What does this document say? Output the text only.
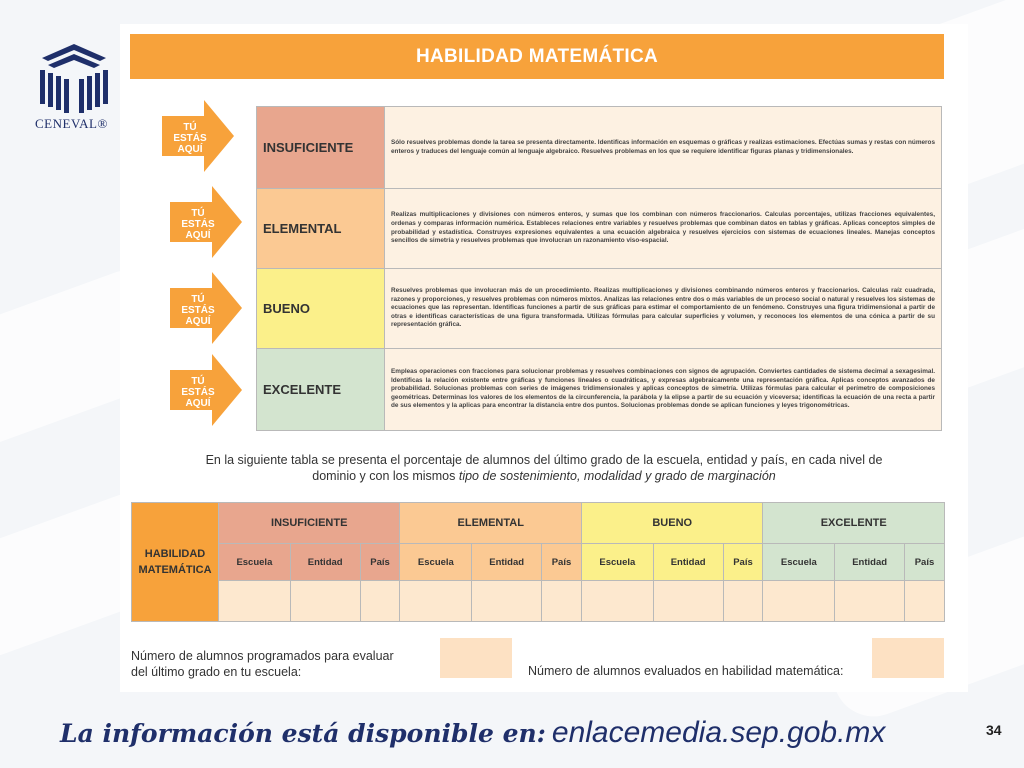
CENEVAL®
HABILIDAD MATEMÁTICA
TÚ ESTÁS
AQUÍ
TÚ ESTÁS
AQUÍ
TÚ ESTÁS
AQUÍ
TÚ ESTÁS
AQUÍ
INSUFICIENTE	Sólo resuelves problemas donde la tarea se presenta directamente. Identificas información en esquemas o gráficas y realizas estimaciones. Efectúas sumas y restas con números enteros y traduces del lenguaje común al lenguaje algebraico. Resuelves problemas en los que se requiere identificar figuras planas y tridimensionales.
ELEMENTAL	Realizas multiplicaciones y divisiones con números enteros, y sumas que los combinan con números fraccionarios. Calculas porcentajes, utilizas fracciones equivalentes, ordenas y comparas información numérica. Estableces relaciones entre variables y resuelves problemas que combinan datos en tablas y gráficas. Aplicas conceptos simples de probabilidad y estadística. Construyes expresiones equivalentes a una ecuación algebraica y resuelves ejercicios con sistemas de ecuaciones lineales. Manejas conceptos sencillos de simetría y resuelves problemas que involucran un razonamiento viso-espacial.
BUENO	Resuelves problemas que involucran más de un procedimiento. Realizas multiplicaciones y divisiones combinando números enteros y fraccionarios. Calculas raíz cuadrada, razones y proporciones, y resuelves problemas con números mixtos. Analizas las relaciones entre dos o más variables de un proceso social o natural y resuelves los sistemas de ecuaciones que las representan. Identificas funciones a partir de sus gráficas para estimar el comportamiento de un fenómeno. Construyes una figura tridimensional a partir de otras e identificas características de una figura transformada. Utilizas fórmulas para calcular superficies y volumen, y reconoces los elementos de una cónica a partir de su representación gráfica.
EXCELENTE	Empleas operaciones con fracciones para solucionar problemas y resuelves combinaciones con signos de agrupación. Conviertes cantidades de sistema decimal a sexagesimal. Identificas la relación existente entre gráficas y funciones lineales o cuadráticas, y expresas algebraicamente una representación gráfica. Aplicas conceptos avanzados de probabilidad. Solucionas problemas con series de imágenes tridimensionales y aplicas conceptos de simetría. Utilizas fórmulas para calcular el perímetro de composiciones geométricas. Determinas los valores de los elementos de la circunferencia, la parábola y la elipse a partir de su ecuación y viceversa; identificas la ecuación de una recta a partir de sus elementos y la aplicas para encontrar la distancia entre dos puntos. Solucionas problemas donde se aplican funciones y leyes trigonométricas.
En la siguiente tabla se presenta el porcentaje de alumnos del último grado de la escuela, entidad y país, en cada nivel de
dominio y con los mismos tipo de sostenimiento, modalidad y grado de marginación
HABILIDAD
MATEMÁTICA	INSUFICIENTE			ELEMENTAL			BUENO			EXCELENTE		
	Escuela	Entidad	País	Escuela	Entidad	País	Escuela	Entidad	País	Escuela	Entidad	País

Número de alumnos programados para evaluar
del último grado en tu escuela:	Número de alumnos evaluados en habilidad matemática:
La información está disponible en: enlacemedia.sep.gob.mx	34
